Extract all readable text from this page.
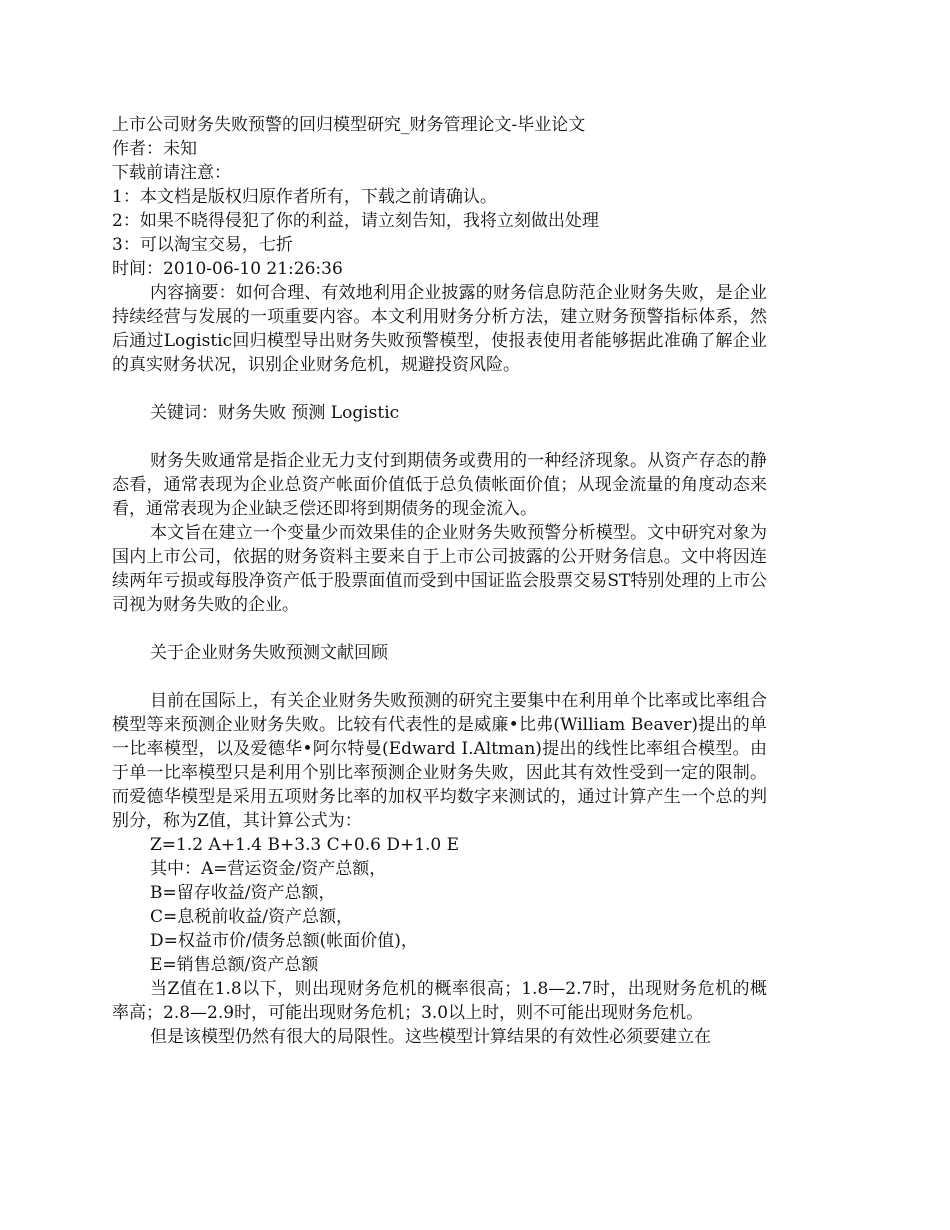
上市公司财务失败预警的回归模型研究_财务管理论文-毕业论文
作者：未知
下载前请注意：
1：本文档是版权归原作者所有，下载之前请确认。
2：如果不晓得侵犯了你的利益，请立刻告知，我将立刻做出处理
3：可以淘宝交易，七折
时间：2010-06-10 21:26:36

内容摘要：如何合理、有效地利用企业披露的财务信息防范企业财务失败，是企业持续经营与发展的一项重要内容。本文利用财务分析方法，建立财务预警指标体系，然后通过Logistic回归模型导出财务失败预警模型，使报表使用者能够据此准确了解企业的真实财务状况，识别企业财务危机，规避投资风险。

关键词：财务失败 预测 Logistic

财务失败通常是指企业无力支付到期债务或费用的一种经济现象。从资产存态的静态看，通常表现为企业总资产帐面价值低于总负债帐面价值；从现金流量的角度动态来看，通常表现为企业缺乏偿还即将到期债务的现金流入。

本文旨在建立一个变量少而效果佳的企业财务失败预警分析模型。文中研究对象为国内上市公司，依据的财务资料主要来自于上市公司披露的公开财务信息。文中将因连续两年亏损或每股净资产低于股票面值而受到中国证监会股票交易ST特别处理的上市公司视为财务失败的企业。

关于企业财务失败预测文献回顾

目前在国际上，有关企业财务失败预测的研究主要集中在利用单个比率或比率组合模型等来预测企业财务失败。比较有代表性的是威廉•比弗(William Beaver)提出的单一比率模型，以及爱德华•阿尔特曼(Edward I.Altman)提出的线性比率组合模型。由于单一比率模型只是利用个别比率预测企业财务失败，因此其有效性受到一定的限制。而爱德华模型是采用五项财务比率的加权平均数字来测试的，通过计算产生一个总的判别分，称为Z值，其计算公式为：

Z=1.2 A+1.4 B+3.3 C+0.6 D+1.0 E
其中：A=营运资金/资产总额，
B=留存收益/资产总额，
C=息税前收益/资产总额，
D=权益市价/债务总额(帐面价值)，
E=销售总额/资产总额

当Z值在1.8以下，则出现财务危机的概率很高；1.8—2.7时，出现财务危机的概率高；2.8—2.9时，可能出现财务危机；3.0以上时，则不可能出现财务危机。

但是该模型仍然有很大的局限性。这些模型计算结果的有效性必须要建立在
